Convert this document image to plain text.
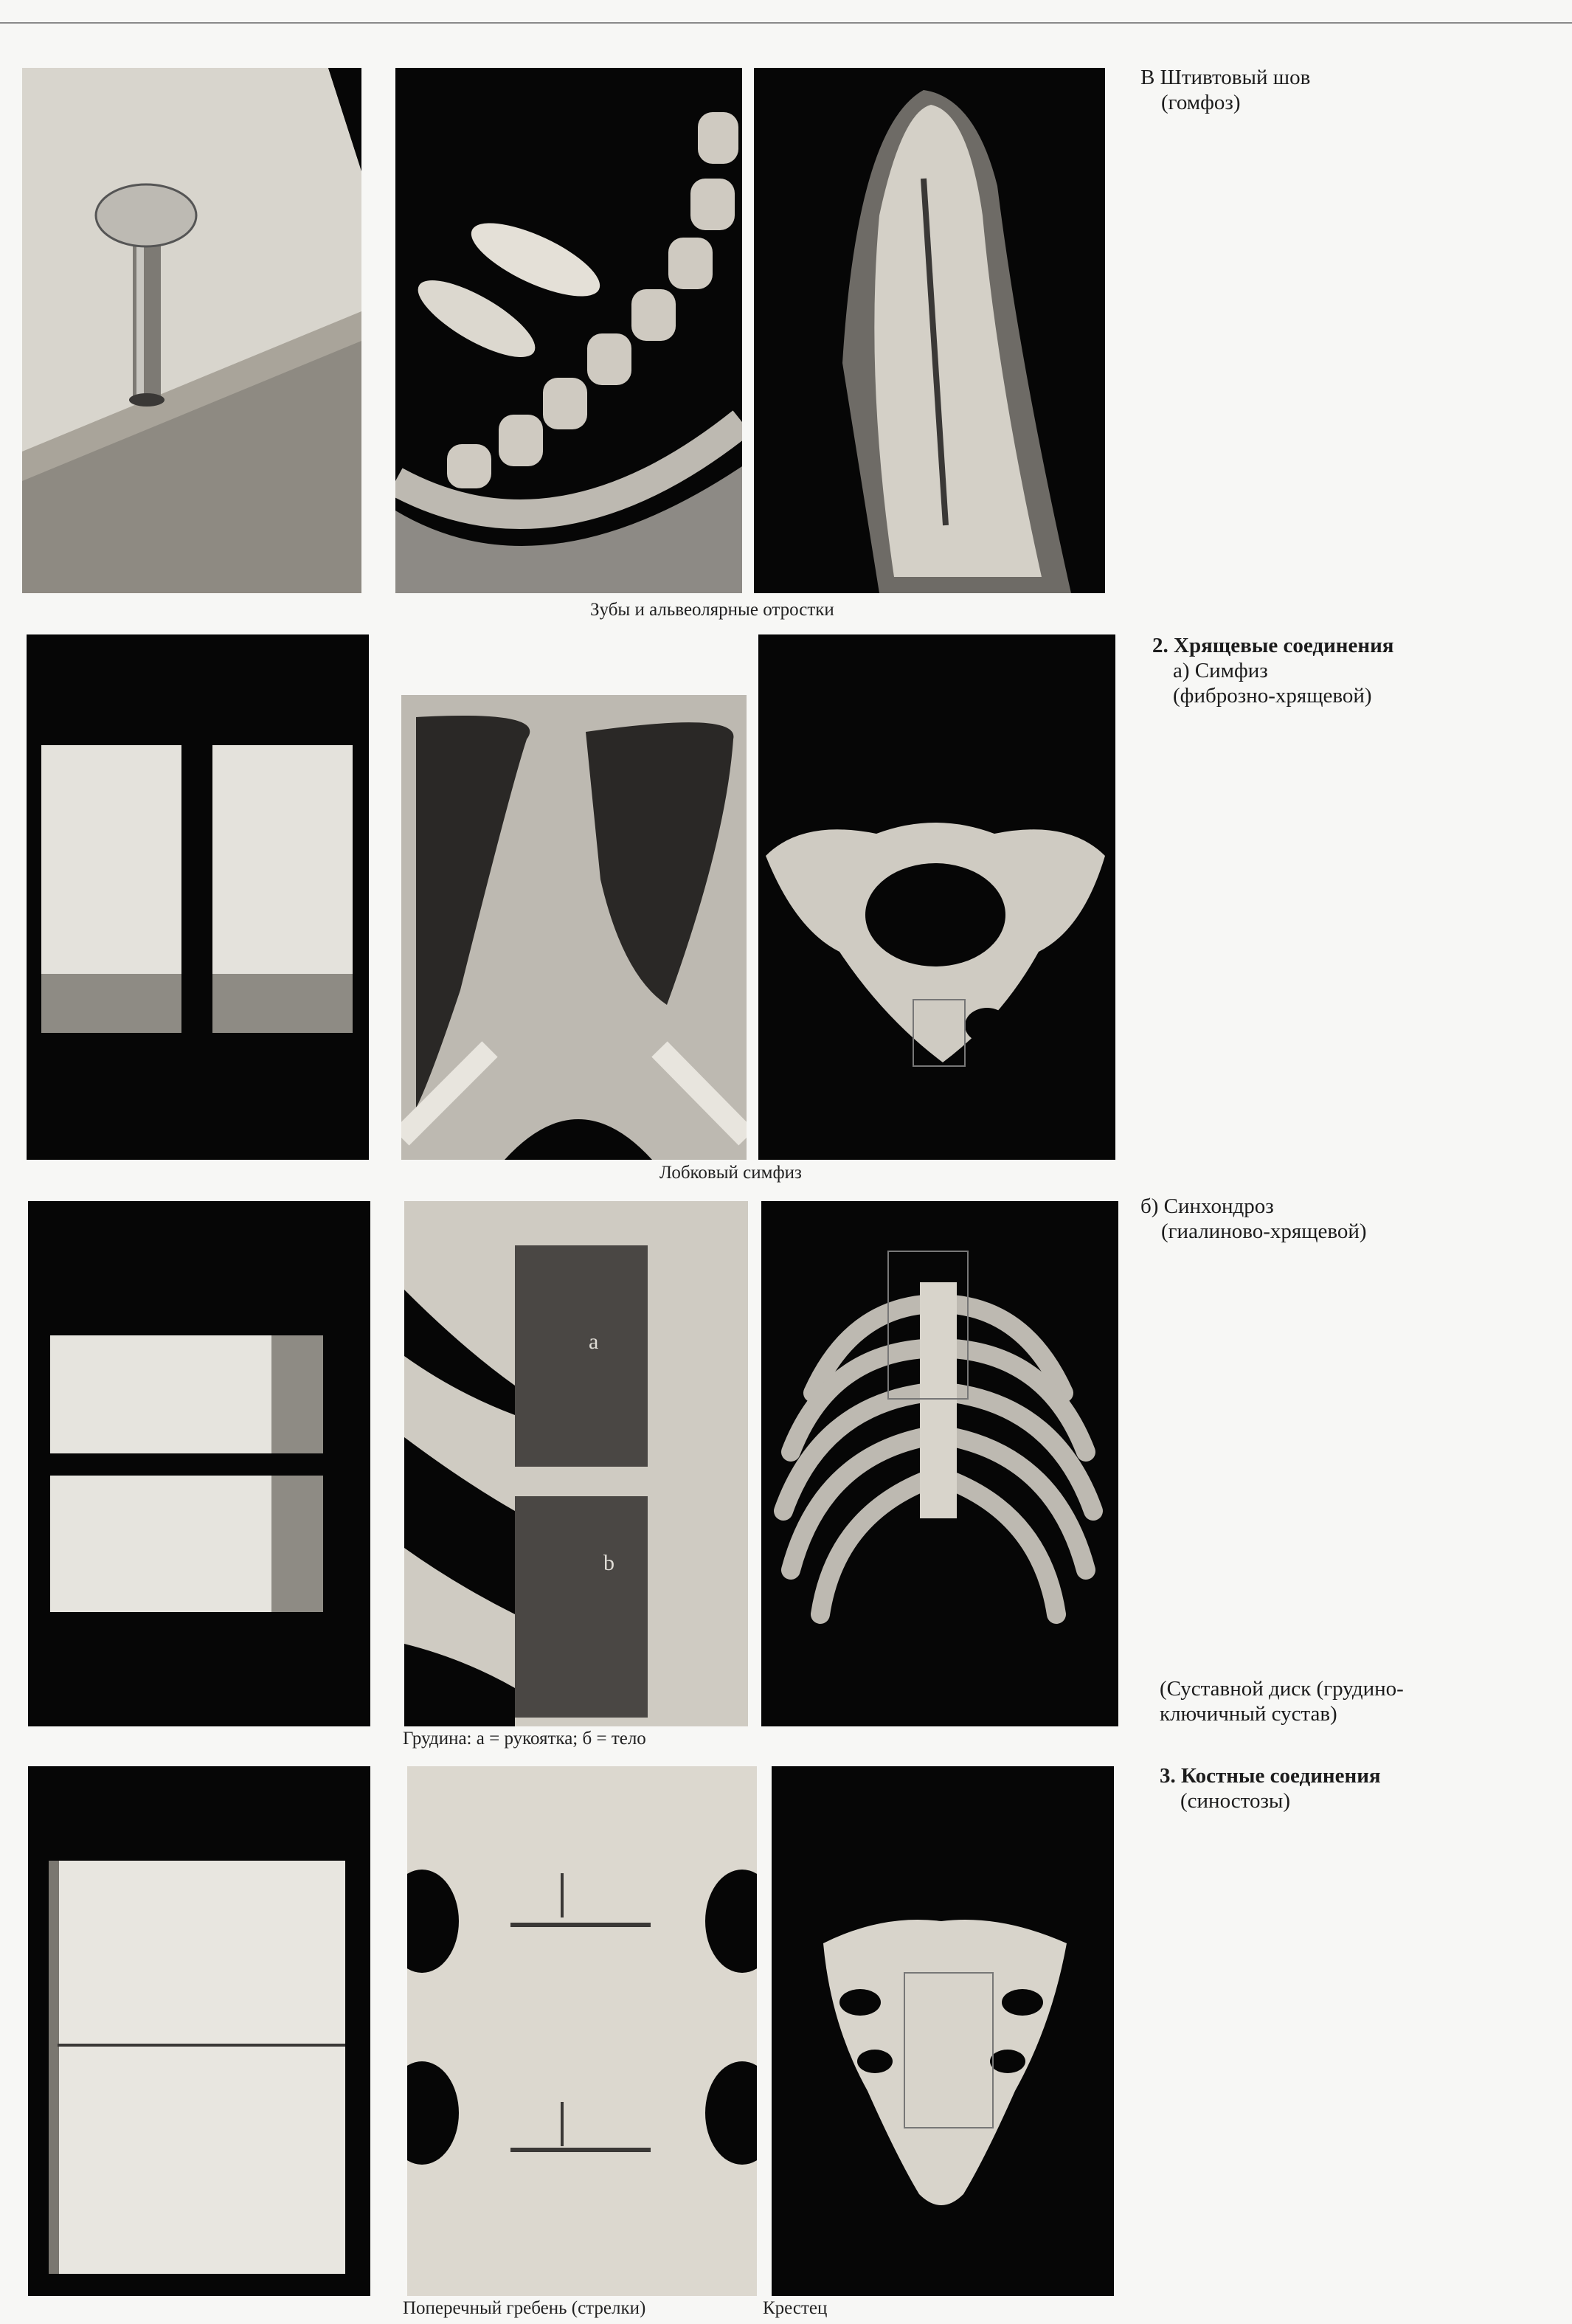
Зубы и альвеолярные отростки
В Штивтовый шов
(гомфоз)
Лобковый симфиз
2. Хрящевые соединения
а) Симфиз
(фиброзно-хрящевой)
а
b
Грудина: а = рукоятка; б = тело
б) Синхондроз
(гиалиново-хрящевой)
(Суставной диск (грудино-
ключичный сустав)
Поперечный гребень (стрелки)	Крестец
3. Костные соединения
(синостозы)
